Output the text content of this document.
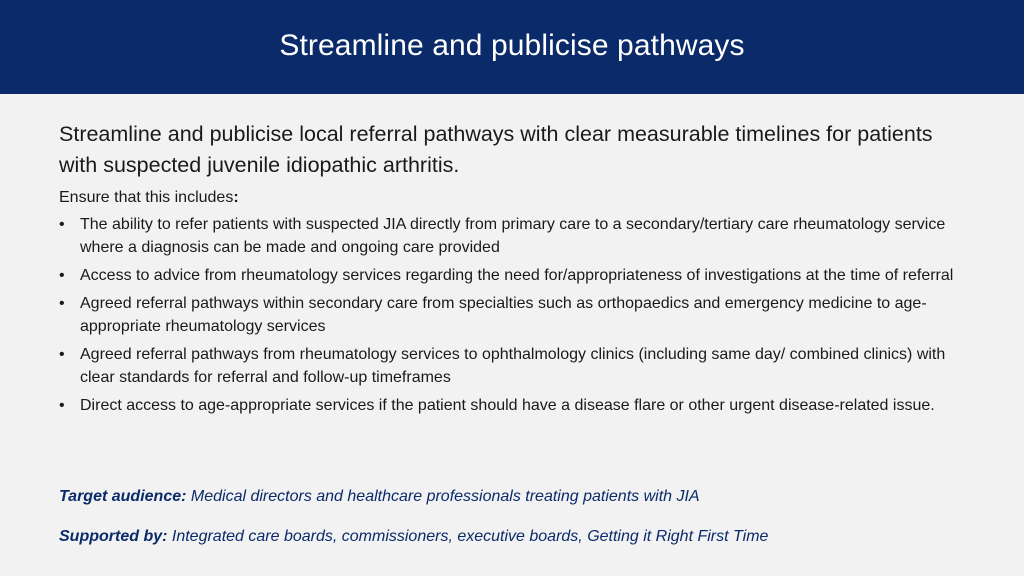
Streamline and publicise pathways

Streamline and publicise local referral pathways with clear measurable timelines for patients with suspected juvenile idiopathic arthritis.

Ensure that this includes:

• The ability to refer patients with suspected JIA directly from primary care to a secondary/tertiary care rheumatology service where a diagnosis can be made and ongoing care provided
• Access to advice from rheumatology services regarding the need for/appropriateness of investigations at the time of referral
• Agreed referral pathways within secondary care from specialties such as orthopaedics and emergency medicine to age-appropriate rheumatology services
• Agreed referral pathways from rheumatology services to ophthalmology clinics (including same day/ combined clinics) with clear standards for referral and follow-up timeframes
• Direct access to age-appropriate services if the patient should have a disease flare or other urgent disease-related issue.

Target audience: Medical directors and healthcare professionals treating patients with JIA

Supported by: Integrated care boards, commissioners, executive boards, Getting it Right First Time
